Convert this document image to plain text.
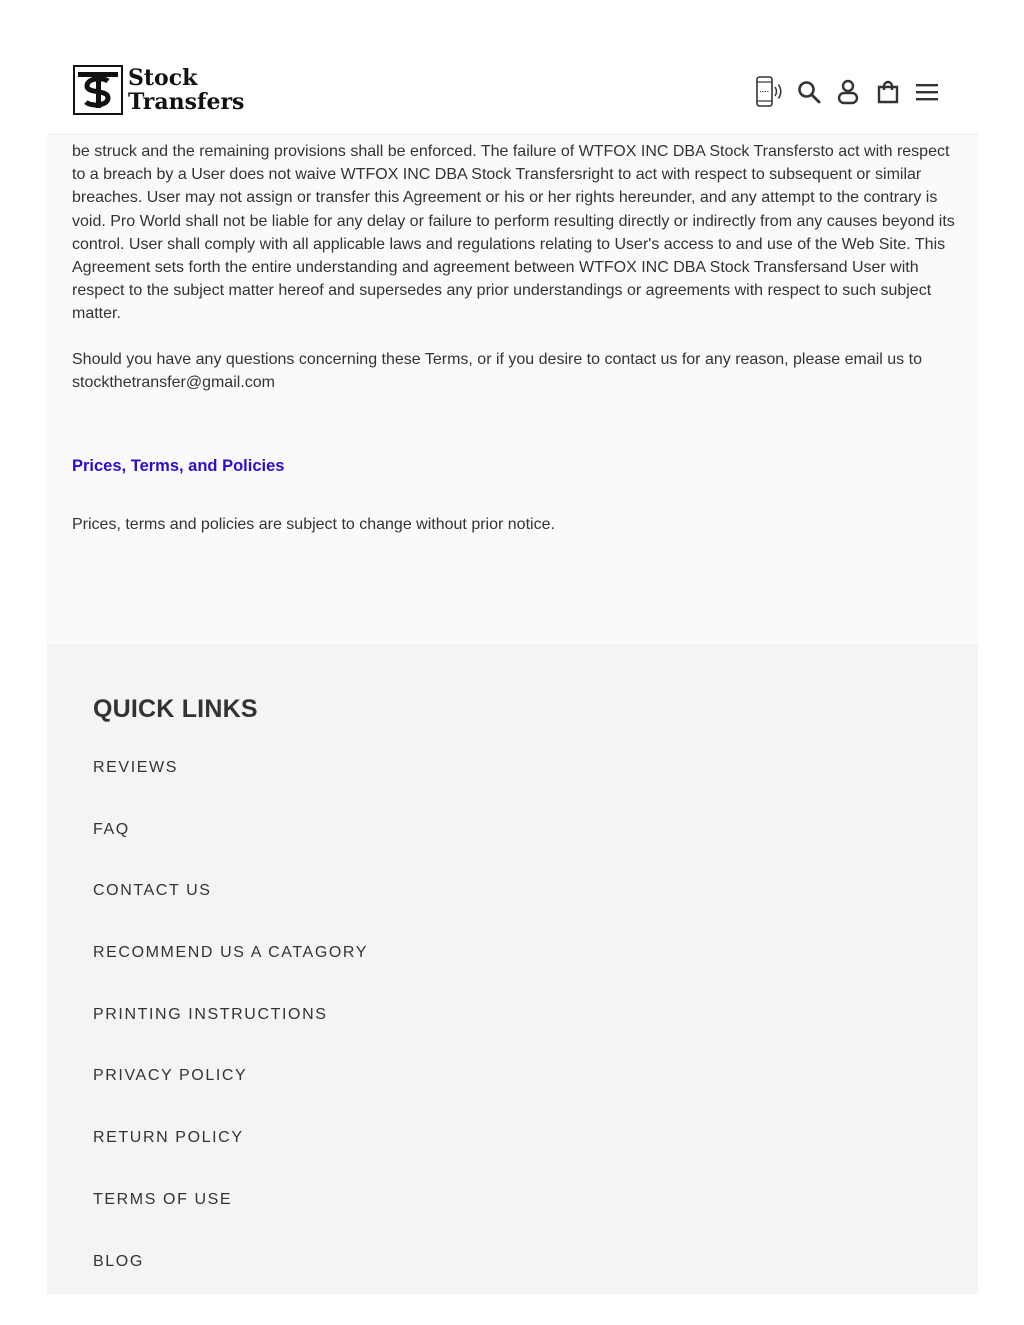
be struck and the remaining provisions shall be enforced. The failure of WTFOX INC DBA Stock Transfersto act with respect to a breach by a User does not waive WTFOX INC DBA Stock Transfersright to act with respect to subsequent or similar breaches. User may not assign or transfer this Agreement or his or her rights hereunder, and any attempt to the contrary is void. Pro World shall not be liable for any delay or failure to perform resulting directly or indirectly from any causes beyond its control. User shall comply with all applicable laws and regulations relating to User's access to and use of the Web Site. This Agreement sets forth the entire understanding and agreement between WTFOX INC DBA Stock Transfersand User with respect to the subject matter hereof and supersedes any prior understandings or agreements with respect to such subject matter.

Should you have any questions concerning these Terms, or if you desire to contact us for any reason, please email us to stockthetransfer@gmail.com

Prices, Terms, and Policies

Prices, terms and policies are subject to change without prior notice.

Stock
Transfers
QUICK LINKS
REVIEWS
FAQ
CONTACT US
RECOMMEND US A CATAGORY
PRINTING INSTRUCTIONS
PRIVACY POLICY
RETURN POLICY
TERMS OF USE
BLOG
